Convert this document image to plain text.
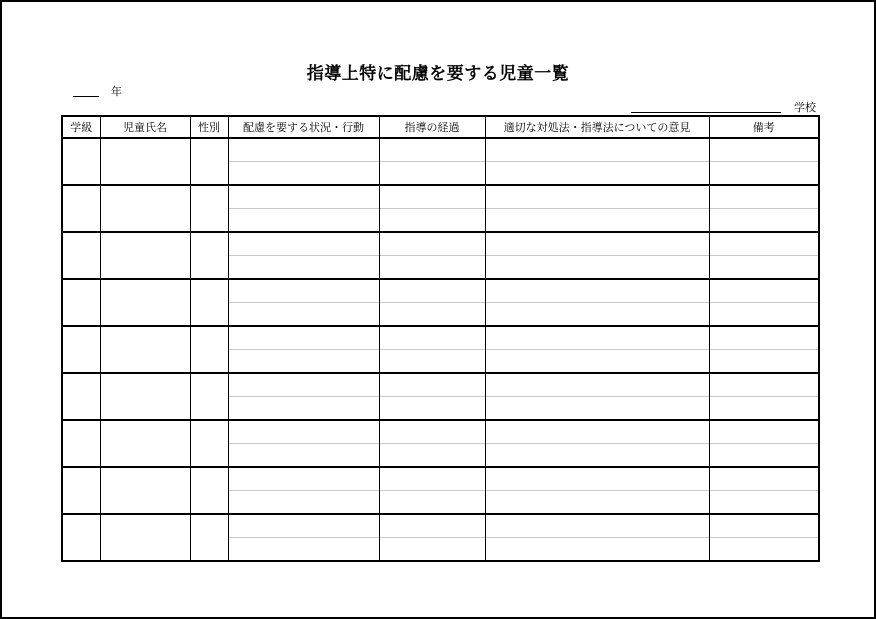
指導上特に配慮を要する児童一覧
年
学校
学級	児童氏名	性別	配慮を要する状況・行動	指導の経過	適切な対処法・指導法についての意見	備考
